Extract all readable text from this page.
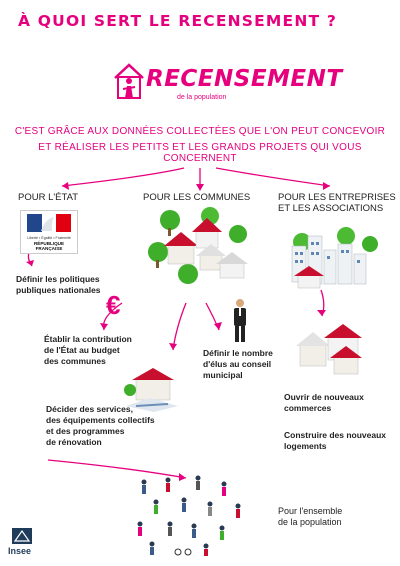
À QUOI SERT LE RECENSEMENT ?
RECENSEMENT
de la population
C'EST GRÂCE AUX DONNÉES COLLECTÉES QUE L'ON PEUT CONCEVOIR
ET RÉALISER LES PETITS ET LES GRANDS PROJETS QUI VOUS CONCERNENT
POUR L'ÉTAT	POUR LES COMMUNES	POUR LES ENTREPRISES
ET LES ASSOCIATIONS
Liberté • Égalité • Fraternité
RÉPUBLIQUE FRANÇAISE
€
Définir les politiques
publiques nationales
Établir la contribution
de l'État au budget
des communes
Définir le nombre
d'élus au conseil
municipal
Décider des services,
des équipements collectifs
et des programmes
de rénovation
Ouvrir de nouveaux
commerces
Construire des nouveaux
logements
Pour l'ensemble
de la population
Insee
